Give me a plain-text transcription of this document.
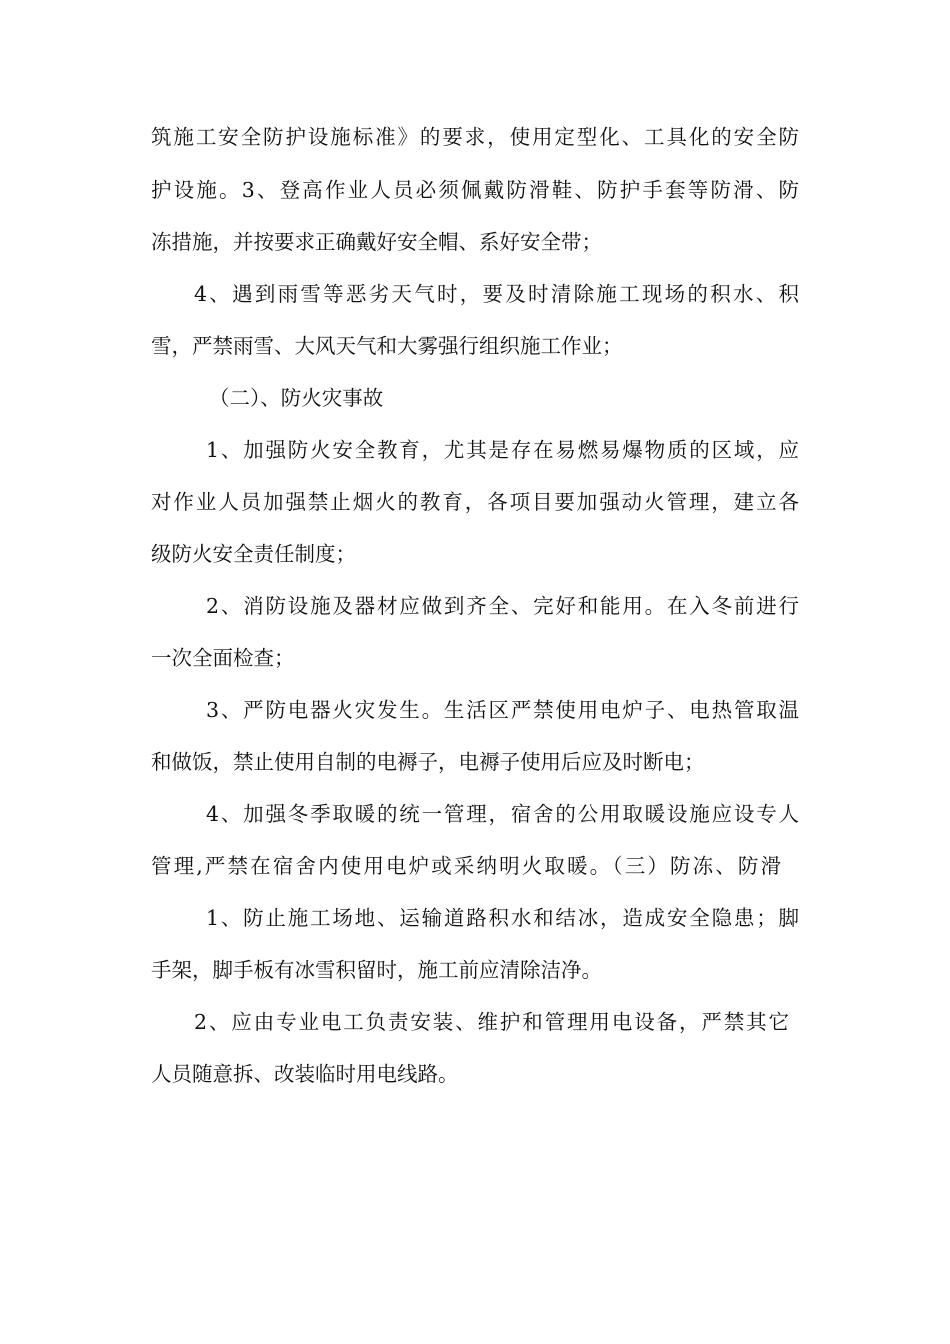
筑施工安全防护设施标准》的要求，使用定型化、工具化的安全防
护设施。3、登高作业人员必须佩戴防滑鞋、防护手套等防滑、防
冻措施，并按要求正确戴好安全帽、系好安全带；
4、遇到雨雪等恶劣天气时，要及时清除施工现场的积水、积
雪，严禁雨雪、大风天气和大雾强行组织施工作业；
（二）、防火灾事故
1、加强防火安全教育，尤其是存在易燃易爆物质的区域，应
对作业人员加强禁止烟火的教育，各项目要加强动火管理，建立各
级防火安全责任制度；
2、消防设施及器材应做到齐全、完好和能用。在入冬前进行
一次全面检查；
3、严防电器火灾发生。生活区严禁使用电炉子、电热管取温
和做饭，禁止使用自制的电褥子，电褥子使用后应及时断电；
4、加强冬季取暖的统一管理，宿舍的公用取暖设施应设专人
管理,严禁在宿舍内使用电炉或采纳明火取暖。（三）防冻、防滑
1、防止施工场地、运输道路积水和结冰，造成安全隐患；脚
手架，脚手板有冰雪积留时，施工前应清除洁净。
2、应由专业电工负责安装、维护和管理用电设备，严禁其它
人员随意拆、改装临时用电线路。
